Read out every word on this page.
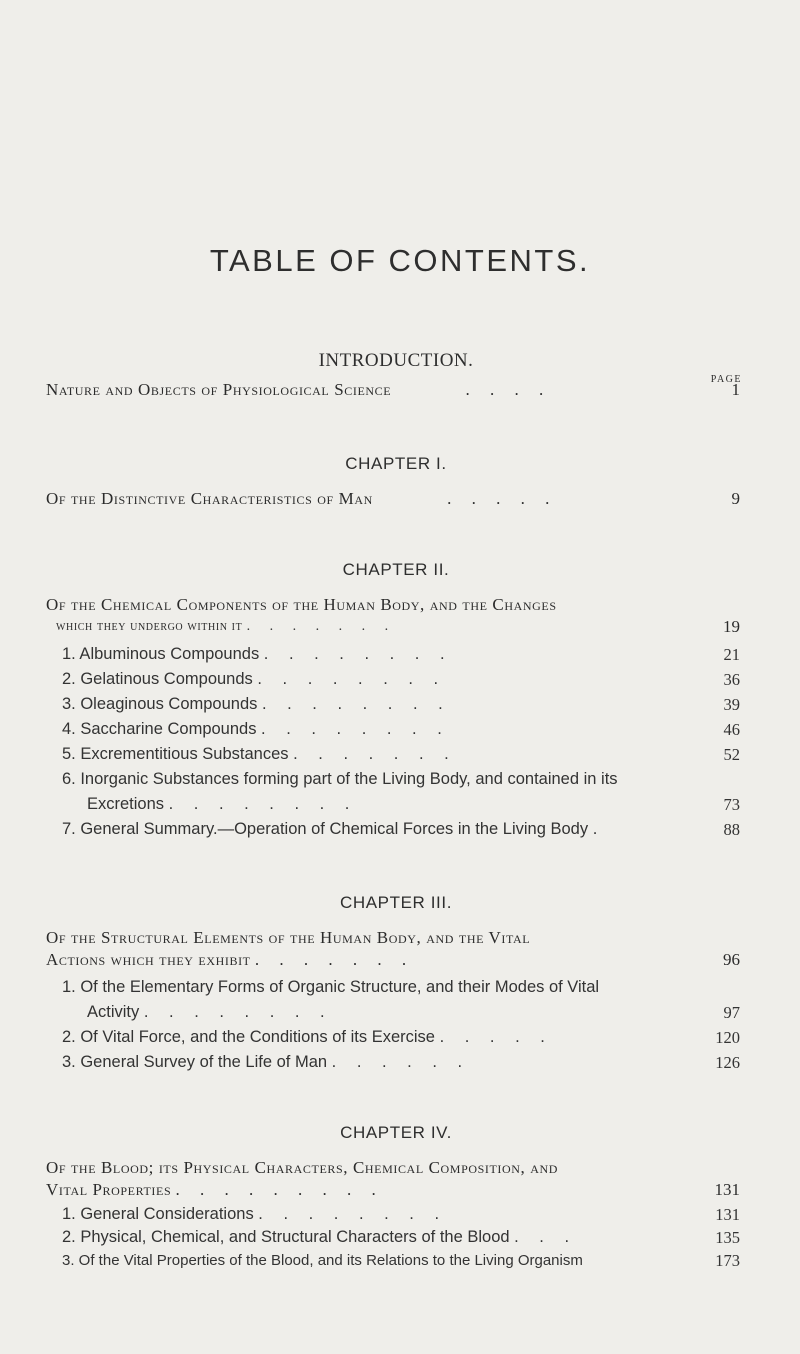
TABLE OF CONTENTS.

INTRODUCTION.

PAGE
Nature and Objects of Physiological Science	. . . .	1

CHAPTER I.

Of the Distinctive Characteristics of Man	. . . . .	9

CHAPTER II.

Of the Chemical Components of the Human Body, and the Changes
which they undergo within it . . . . . . .	19
1. Albuminous Compounds . . . . . . . .	21
2. Gelatinous Compounds . . . . . . . .	36
3. Oleaginous Compounds . . . . . . . .	39
4. Saccharine Compounds . . . . . . . .	46
5. Excrementitious Substances . . . . . . .	52
6. Inorganic Substances forming part of the Living Body, and contained in its
Excretions . . . . . . . .	73
7. General Summary.—Operation of Chemical Forces in the Living Body .	88

CHAPTER III.

Of the Structural Elements of the Human Body, and the Vital
Actions which they exhibit . . . . . . .	96
1. Of the Elementary Forms of Organic Structure, and their Modes of Vital
Activity . . . . . . . .	97
2. Of Vital Force, and the Conditions of its Exercise . . . . .	120
3. General Survey of the Life of Man . . . . . .	126

CHAPTER IV.

Of the Blood; its Physical Characters, Chemical Composition, and
Vital Properties . . . . . . . . .	131
1. General Considerations . . . . . . . .	131
2. Physical, Chemical, and Structural Characters of the Blood . . .	135
3. Of the Vital Properties of the Blood, and its Relations to the Living Organism	173
